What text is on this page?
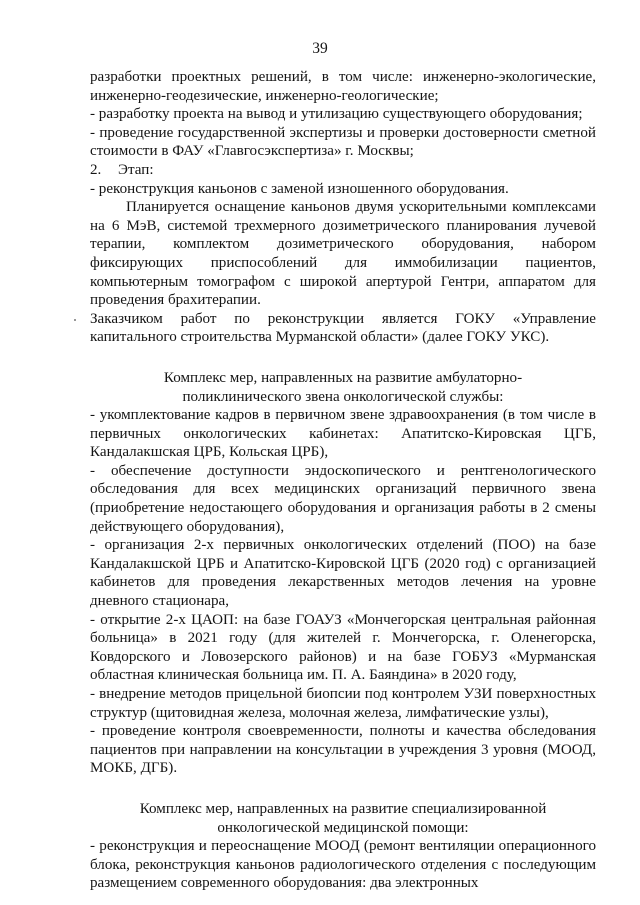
39

разработки проектных решений, в том числе: инженерно-экологические, инженерно-геодезические, инженерно-геологические;

- разработку проекта на вывод и утилизацию существующего оборудования;

- проведение государственной экспертизы и проверки достоверности сметной стоимости в ФАУ «Главгосэкспертиза» г. Москвы;

2. Этап:

- реконструкция каньонов с заменой изношенного оборудования.

Планируется оснащение каньонов двумя ускорительными комплексами на 6 МэВ, системой трехмерного дозиметрического планирования лучевой терапии, комплектом дозиметрического оборудования, набором фиксирующих приспособлений для иммобилизации пациентов, компьютерным томографом с широкой апертурой Гентри, аппаратом для проведения брахитерапии.

Заказчиком работ по реконструкции является ГОКУ «Управление капитального строительства Мурманской области» (далее ГОКУ УКС).

Комплекс мер, направленных на развитие амбулаторно-

поликлинического звена онкологической службы:

- укомплектование кадров в первичном звене здравоохранения (в том числе в первичных онкологических кабинетах: Апатитско-Кировская ЦГБ, Кандалакшская ЦРБ, Кольская ЦРБ),

- обеспечение доступности эндоскопического и рентгенологического обследования для всех медицинских организаций первичного звена (приобретение недостающего оборудования и организация работы в 2 смены действующего оборудования),

- организация 2-х первичных онкологических отделений (ПОО) на базе Кандалакшской ЦРБ и Апатитско-Кировской ЦГБ (2020 год) с организацией кабинетов для проведения лекарственных методов лечения на уровне дневного стационара,

- открытие 2-х ЦАОП: на базе ГОАУЗ «Мончегорская центральная районная больница» в 2021 году (для жителей г. Мончегорска, г. Оленегорска, Ковдорского и Ловозерского районов) и на базе ГОБУЗ «Мурманская областная клиническая больница им. П. А. Баяндина» в 2020 году,

- внедрение методов прицельной биопсии под контролем УЗИ поверхностных структур (щитовидная железа, молочная железа, лимфатические узлы),

- проведение контроля своевременности, полноты и качества обследования пациентов при направлении на консультации в учреждения 3 уровня (МООД, МОКБ, ДГБ).

Комплекс мер, направленных на развитие специализированной

онкологической медицинской помощи:

- реконструкция и переоснащение МООД (ремонт вентиляции операционного блока, реконструкция каньонов радиологического отделения с последующим размещением современного оборудования: два электронных
